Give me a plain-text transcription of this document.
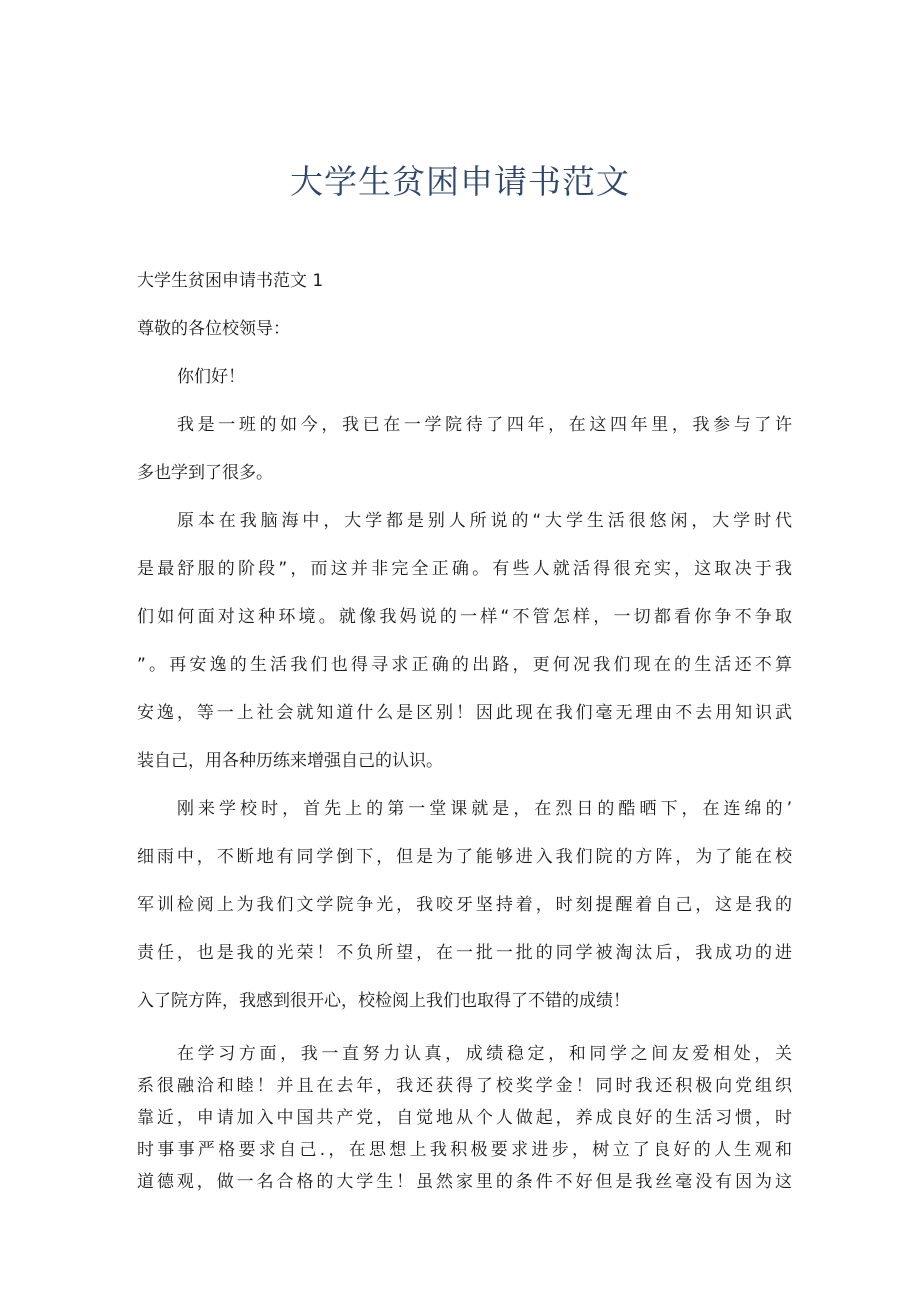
大学生贫困申请书范文
大学生贫困申请书范文 1
尊敬的各位校领导：
你们好！
我是一班的如今，我已在一学院待了四年，在这四年里，我参与了许
多也学到了很多。
原本在我脑海中，大学都是别人所说的“大学生活很悠闲，大学时代
是最舒服的阶段”，而这并非完全正确。有些人就活得很充实，这取决于我
们如何面对这种环境。就像我妈说的一样“不管怎样，一切都看你争不争取
”。再安逸的生活我们也得寻求正确的出路，更何况我们现在的生活还不算
安逸，等一上社会就知道什么是区别！因此现在我们毫无理由不去用知识武
装自己，用各种历练来增强自己的认识。
刚来学校时，首先上的第一堂课就是，在烈日的酷晒下，在连绵的’
细雨中，不断地有同学倒下，但是为了能够进入我们院的方阵，为了能在校
军训检阅上为我们文学院争光，我咬牙坚持着，时刻提醒着自己，这是我的
责任，也是我的光荣！不负所望，在一批一批的同学被淘汰后，我成功的进
入了院方阵，我感到很开心，校检阅上我们也取得了不错的成绩！
在学习方面，我一直努力认真，成绩稳定，和同学之间友爱相处，关
系很融洽和睦！并且在去年，我还获得了校奖学金！同时我还积极向党组织
靠近，申请加入中国共产党，自觉地从个人做起，养成良好的生活习惯，时
时事事严格要求自己.，在思想上我积极要求进步，树立了良好的人生观和
道德观，做一名合格的大学生！虽然家里的条件不好但是我丝毫没有因为这
